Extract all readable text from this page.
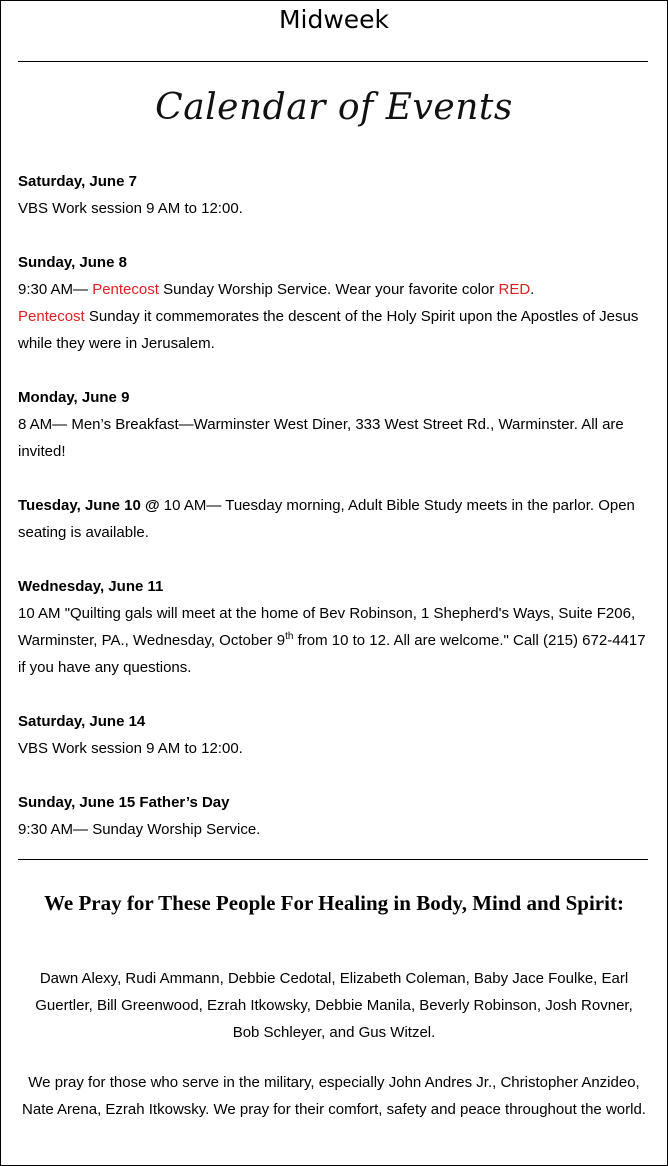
Midweek
Calendar of Events

Saturday, June 7

VBS Work session 9 AM to 12:00.

Sunday, June 8

9:30 AM— Pentecost Sunday Worship Service. Wear your favorite color RED.
Pentecost Sunday it commemorates the descent of the Holy Spirit upon the Apostles of Jesus while they were in Jerusalem.

Monday, June 9

8 AM— Men’s Breakfast—Warminster West Diner, 333 West Street Rd., Warminster. All are invited!

Tuesday, June 10 @ 10 AM— Tuesday morning, Adult Bible Study meets in the parlor. Open seating is available.

Wednesday, June 11

10 AM "Quilting gals will meet at the home of Bev Robinson, 1 Shepherd's Ways, Suite F206, Warminster, PA., Wednesday, October 9th from 10 to 12. All are welcome." Call (215) 672-4417 if you have any questions.

Saturday, June 14

VBS Work session 9 AM to 12:00.

Sunday, June 15 Father’s Day

9:30 AM— Sunday Worship Service.

We Pray for These People For Healing in Body, Mind and Spirit:
Dawn Alexy, Rudi Ammann, Debbie Cedotal, Elizabeth Coleman, Baby Jace Foulke, Earl Guertler, Bill Greenwood, Ezrah Itkowsky, Debbie Manila, Beverly Robinson, Josh Rovner, Bob Schleyer, and Gus Witzel.
We pray for those who serve in the military, especially John Andres Jr., Christopher Anzideo, Nate Arena, Ezrah Itkowsky. We pray for their comfort, safety and peace throughout the world.
